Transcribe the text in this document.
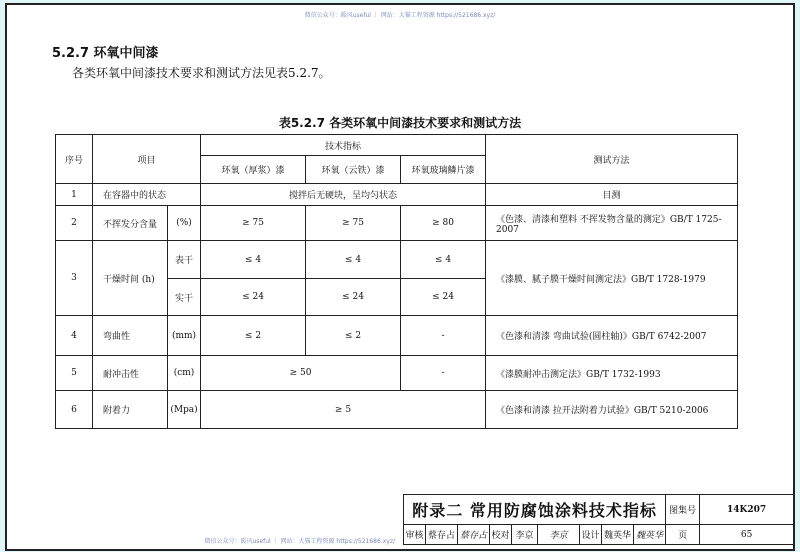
微信公众号：暖风useful ｜ 网站：大猫工程资源 https://521686.xyz/
微信公众号：暖风useful ｜ 网站：大猫工程资源 https://521686.xyz/
5.2.7 环氧中间漆
各类环氧中间漆技术要求和测试方法见表5.2.7。
表5.2.7 各类环氧中间漆技术要求和测试方法
序号	项目		技术指标			测试方法
			环氧（厚浆）漆	环氧（云铁）漆	环氧玻璃鳞片漆	
1	在容器中的状态		搅拌后无硬块，呈均匀状态			目测
2	不挥发分含量	(%)	≥ 75	≥ 75	≥ 80	《色漆、清漆和塑料 不挥发物含量的测定》GB/T 1725-2007
3	干燥时间 (h)	表干	≤ 4	≤ 4	≤ 4	《漆膜、腻子膜干燥时间测定法》GB/T 1728-1979
		实干	≤ 24	≤ 24	≤ 24	
4	弯曲性	(mm)	≤ 2	≤ 2	-	《色漆和清漆 弯曲试验(圆柱轴)》GB/T 6742-2007
5	耐冲击性	(cm)	≥ 50		-	《漆膜耐冲击测定法》GB/T 1732-1993
6	附着力	(Mpa)	≥ 5			《色漆和清漆 拉开法附着力试验》GB/T 5210-2006
附录二 常用防腐蚀涂料技术指标									图集号	14K207
审核	蔡存占	蔡存占	校对	李京	李京	设计	魏英华	魏英华	页	65
